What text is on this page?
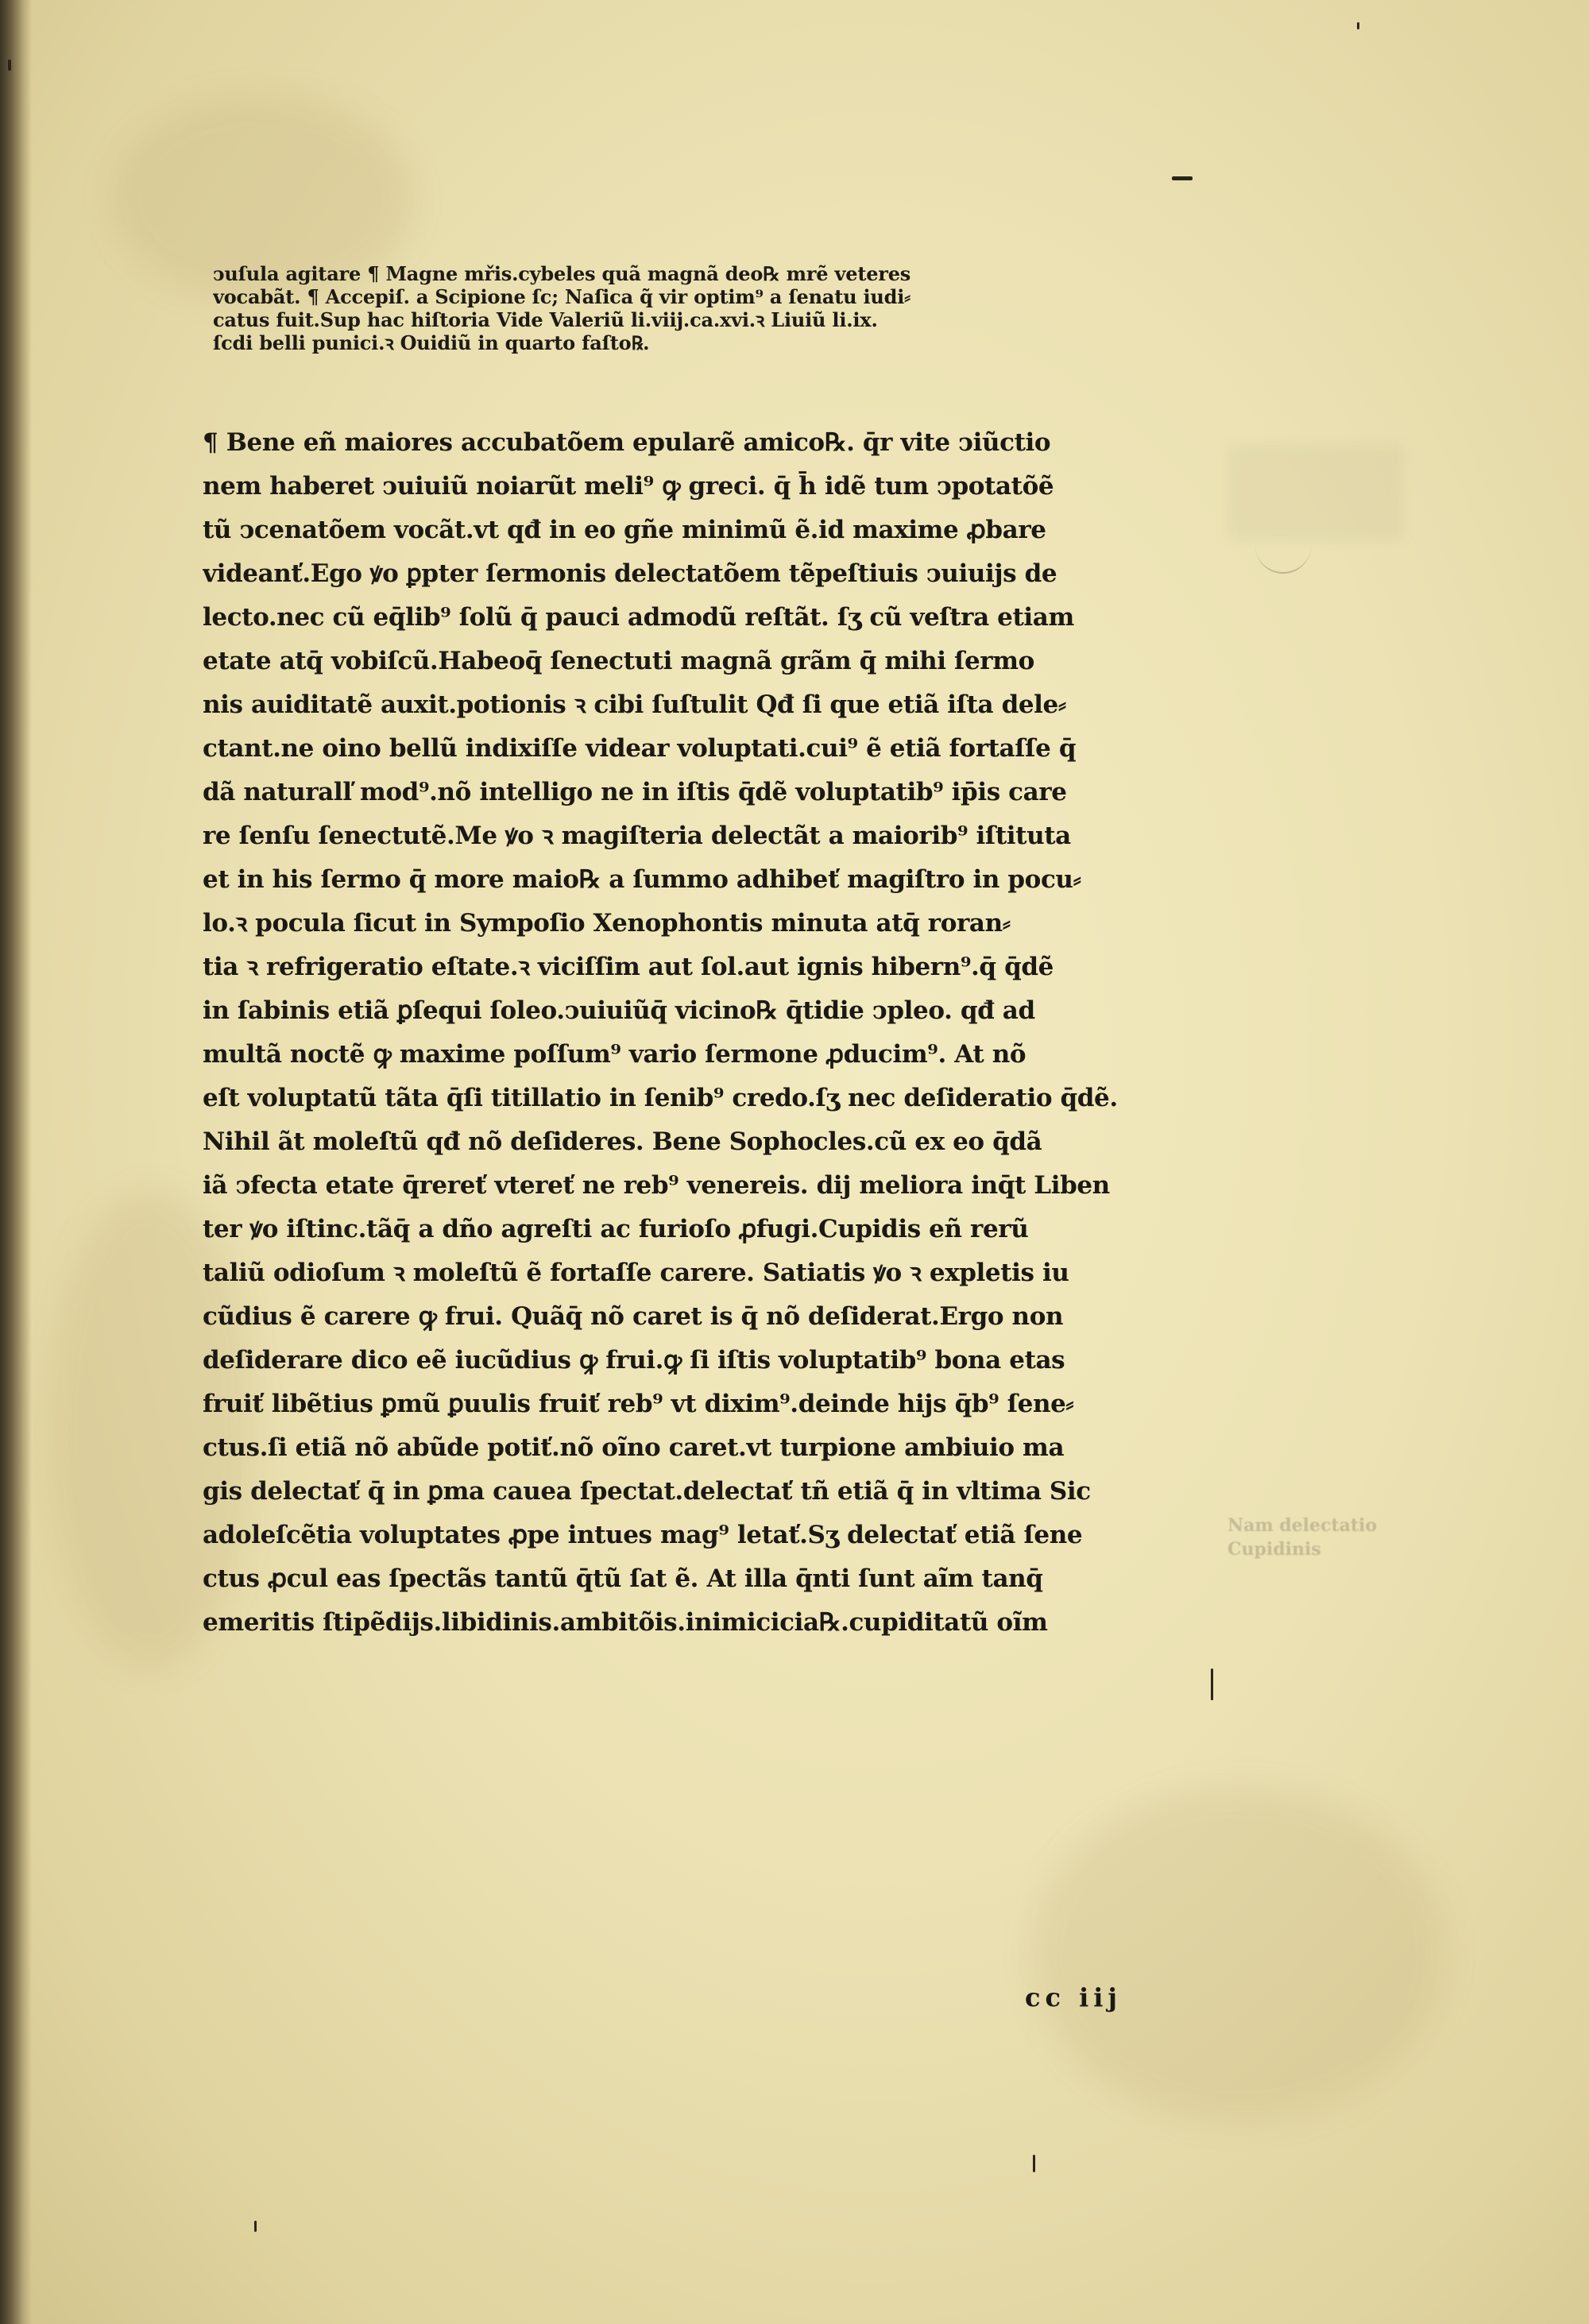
ↄuſula agitare ¶ Magne mřis.cybeles quã magnã deo℞ mrẽ veteres
vocabãt. ¶ Accepiſ. a Scipione ſc; Naſica q̃ vir optim⁹ a ſenatu iudi⸗
catus fuit.Sup hac hiſtoria Vide Valeriũ li.viij.ca.xvi.ꝛ Liuiũ li.ix.
ſcdi belli punici.ꝛ Ouidiũ in quarto faſto℞.
¶ Bene eñ maiores accubatõem epularẽ amico℞. q̄r vite ↄiũctio
nem haberet ↄuiuiũ noiarũt meli⁹ ꝙ greci. q̄ h̄ idẽ tum ↄpotatõẽ
tũ ↄcenatõem vocãt.vt qđ in eo gñe minimũ ẽ.id maxime ꝓbare
videanť.Ego ꝟo ꝑpter ſermonis delectatõem tẽpeſtiuis ↄuiuijs de
lecto.nec cũ eq̄lib⁹ ſolũ q̄ pauci admodũ reſtãt. ſʒ cũ veſtra etiam
etate atq̄ vobiſcũ.Habeoq̄ ſenectuti magnã grãm q̄ mihi ſermo
nis auiditatẽ auxit.potionis ꝛ cibi ſuſtulit Qđ ſi que etiã iſta dele⸗
ctant.ne oino bellũ indixiſſe videar voluptati.cui⁹ ẽ etiã fortaſſe q̄
dã naturalľ mod⁹.nõ intelligo ne in iſtis q̄dẽ voluptatib⁹ ip̄is care
re ſenſu ſenectutẽ.Me ꝟo ꝛ magiſteria delectãt a maiorib⁹ iſtituta
et in his ſermo q̄ more maio℞ a ſummo adhibeť magiſtro in pocu⸗
lo.ꝛ pocula ſicut in Sympoſio Xenophontis minuta atq̄ roran⸗
tia ꝛ refrigeratio eſtate.ꝛ viciſſim aut ſol.aut ignis hibern⁹.q̄ q̄dẽ
in ſabinis etiã ꝑſequi ſoleo.ↄuiuiũq̄ vicino℞ q̄tidie ↄpleo. qđ ad
multã noctẽ ꝙ maxime poſſum⁹ vario ſermone ꝓducim⁹. At nõ
eſt voluptatũ tãta q̄ſi titillatio in ſenib⁹ credo.ſʒ nec deſideratio q̄dẽ.
Nihil ãt moleſtũ qđ nõ deſideres. Bene Sophocles.cũ ex eo q̄dã
iã ↄfecta etate q̄rereť vtereť ne reb⁹ venereis. dij meliora inq̄t Liben
ter ꝟo iſtinc.tãq̄ a dño agreſti ac furioſo ꝓfugi.Cupidis eñ rerũ
taliũ odioſum ꝛ moleſtũ ẽ fortaſſe carere. Satiatis ꝟo ꝛ expletis iu
cũdius ẽ carere ꝙ frui. Quãq̄ nõ caret is q̄ nõ deſiderat.Ergo non
deſiderare dico eẽ iucũdius ꝙ frui.ꝙ ſi iſtis voluptatib⁹ bona etas
fruiť libẽtius ꝑmũ ꝑuulis fruiť reb⁹ vt dixim⁹.deinde hijs q̄b⁹ ſene⸗
ctus.ſi etiã nõ abũde potiť.nõ oĩno caret.vt turpione ambiuio ma
gis delectať q̄ in ꝑma cauea ſpectat.delectať tñ etiã q̄ in vltima Sic
adoleſcẽtia voluptates ꝓpe intues mag⁹ letať.Sʒ delectať etiã ſene
ctus ꝓcul eas ſpectãs tantũ q̄tũ ſat ẽ. At illa q̄nti ſunt aĩm tanq̄
emeritis ſtipẽdijs.libidinis.ambitõis.inimicicia℞.cupiditatũ oĩm
cc iij
Nam delectatio
Cupidinis
